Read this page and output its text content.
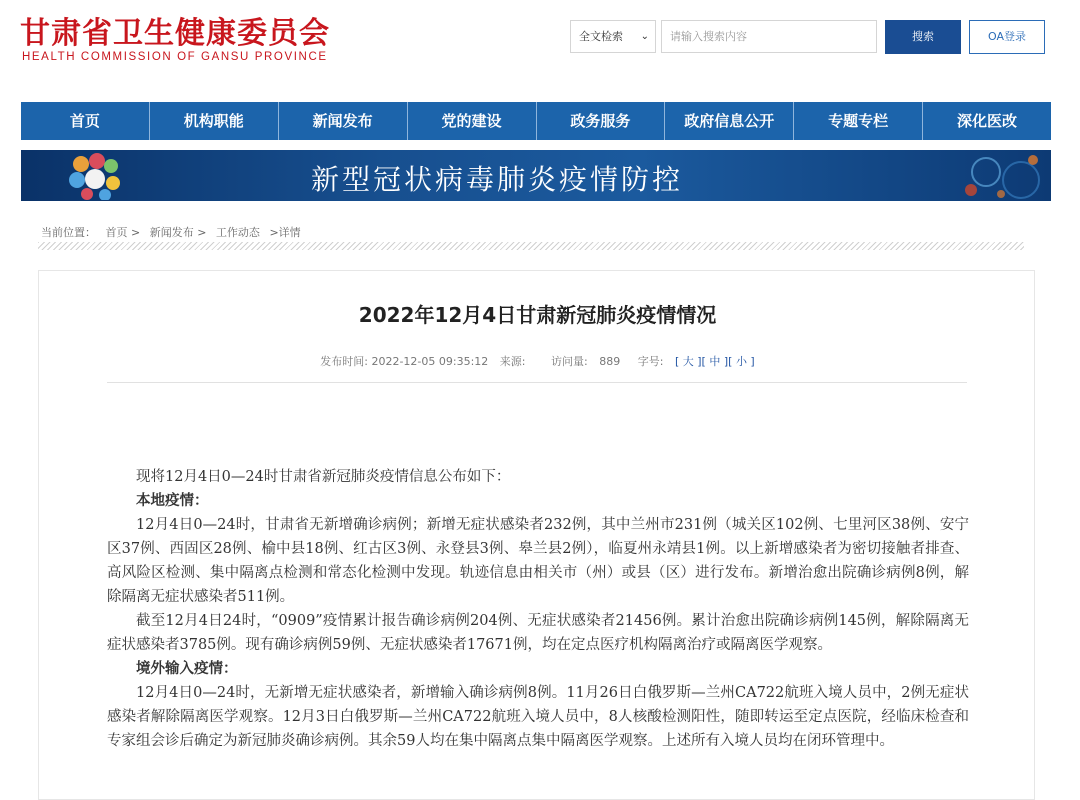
甘肃省卫生健康委员会
HEALTH COMMISSION OF GANSU PROVINCE
全文检索 ⌄	请输入搜索内容	搜索	OA登录
首页	机构职能	新闻发布	党的建设	政务服务	政府信息公开	专题专栏	深化医改
新型冠状病毒肺炎疫情防控
当前位置： 首页 > 新闻发布 > 工作动态 >详情
2022年12月4日甘肃新冠肺炎疫情情况
发布时间: 2022-12-05 09:35:12 来源: 访问量: 889 字号: [ 大 ][ 中 ][ 小 ]

现将12月4日0—24时甘肃省新冠肺炎疫情信息公布如下：

本地疫情：

12月4日0—24时，甘肃省无新增确诊病例；新增无症状感染者232例，其中兰州市231例（城关区102例、七里河区38例、安宁区37例、西固区28例、榆中县18例、红古区3例、永登县3例、皋兰县2例），临夏州永靖县1例。以上新增感染者为密切接触者排查、高风险区检测、集中隔离点检测和常态化检测中发现。轨迹信息由相关市（州）或县（区）进行发布。新增治愈出院确诊病例8例，解除隔离无症状感染者511例。

截至12月4日24时，“0909”疫情累计报告确诊病例204例、无症状感染者21456例。累计治愈出院确诊病例145例，解除隔离无症状感染者3785例。现有确诊病例59例、无症状感染者17671例，均在定点医疗机构隔离治疗或隔离医学观察。

境外输入疫情：

12月4日0—24时，无新增无症状感染者，新增输入确诊病例8例。11月26日白俄罗斯—兰州CA722航班入境人员中，2例无症状感染者解除隔离医学观察。12月3日白俄罗斯—兰州CA722航班入境人员中，8人核酸检测阳性，随即转运至定点医院，经临床检查和专家组会诊后确定为新冠肺炎确诊病例。其余59人均在集中隔离点集中隔离医学观察。上述所有入境人员均在闭环管理中。
